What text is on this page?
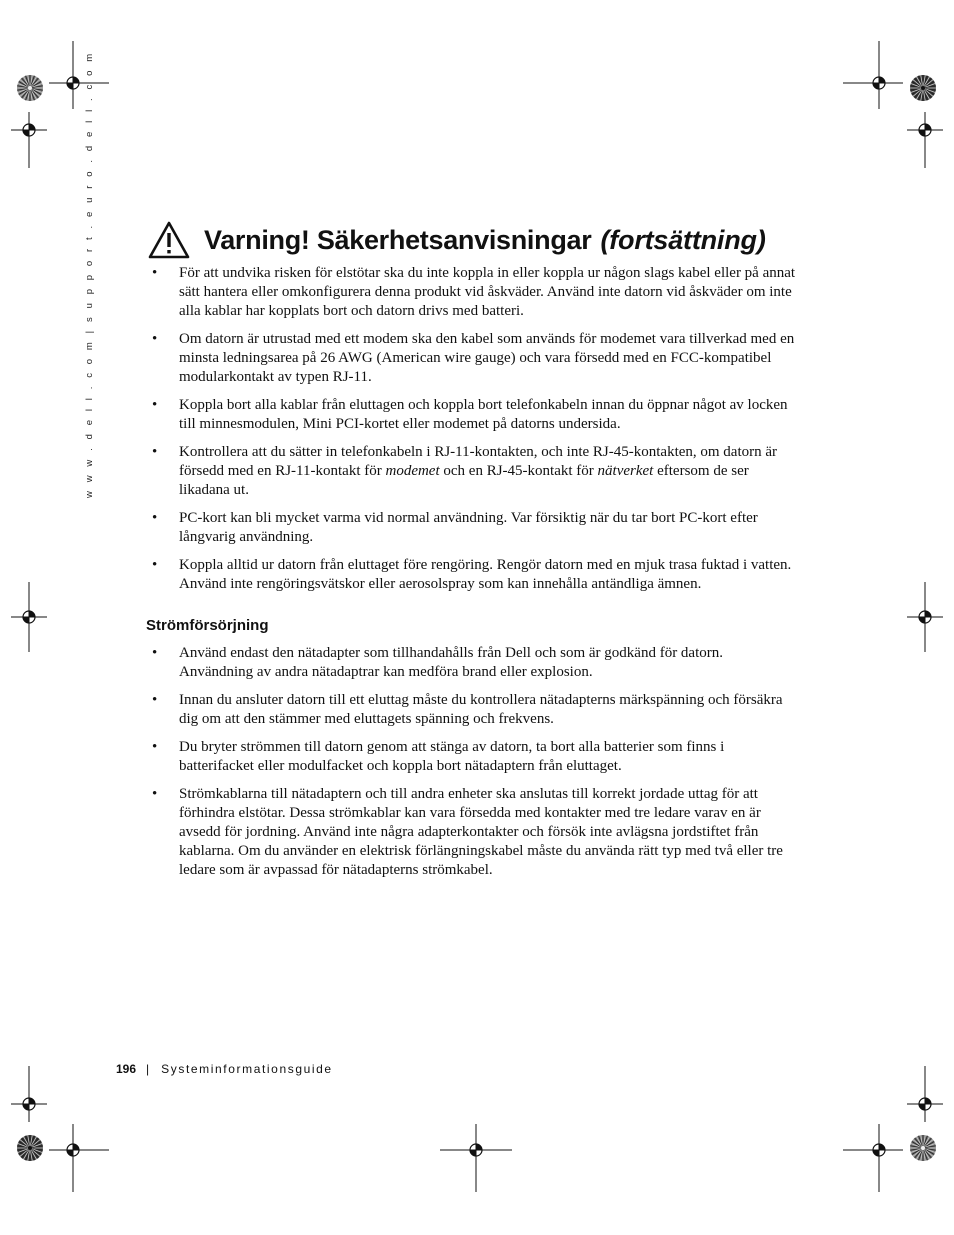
w w w . d e l l . c o m | s u p p o r t . e u r o . d e l l . c o m	Varning! Säkerhetsanvisningar (fortsättning)
• För att undvika risken för elstötar ska du inte koppla in eller koppla ur någon slags kabel eller på annat sätt hantera eller omkonfigurera denna produkt vid åskväder. Använd inte datorn vid åskväder om inte alla kablar har kopplats bort och datorn drivs med batteri.
• Om datorn är utrustad med ett modem ska den kabel som används för modemet vara tillverkad med en minsta ledningsarea på 26 AWG (American wire gauge) och vara försedd med en FCC-kompatibel modularkontakt av typen RJ-11.
• Koppla bort alla kablar från eluttagen och koppla bort telefonkabeln innan du öppnar något av locken till minnesmodulen, Mini PCI-kortet eller modemet på datorns undersida.
• Kontrollera att du sätter in telefonkabeln i RJ-11-kontakten, och inte RJ-45-kontakten, om datorn är försedd med en RJ-11-kontakt för modemet och en RJ-45-kontakt för nätverket eftersom de ser likadana ut.
• PC-kort kan bli mycket varma vid normal användning. Var försiktig när du tar bort PC-kort efter långvarig användning.
• Koppla alltid ur datorn från eluttaget före rengöring. Rengör datorn med en mjuk trasa fuktad i vatten. Använd inte rengöringsvätskor eller aerosolspray som kan innehålla antändliga ämnen.
Strömförsörjning
• Använd endast den nätadapter som tillhandahålls från Dell och som är godkänd för datorn. Användning av andra nätadaptrar kan medföra brand eller explosion.
• Innan du ansluter datorn till ett eluttag måste du kontrollera nätadapterns märkspänning och försäkra dig om att den stämmer med eluttagets spänning och frekvens.
• Du bryter strömmen till datorn genom att stänga av datorn, ta bort alla batterier som finns i batterifacket eller modulfacket och koppla bort nätadaptern från eluttaget.
• Strömkablarna till nätadaptern och till andra enheter ska anslutas till korrekt jordade uttag för att förhindra elstötar. Dessa strömkablar kan vara försedda med kontakter med tre ledare varav en är avsedd för jordning. Använd inte några adapterkontakter och försök inte avlägsna jordstiftet från kablarna. Om du använder en elektrisk förlängningskabel måste du använda rätt typ med två eller tre ledare som är avpassad för nätadapterns strömkabel.
196 | Systeminformationsguide
